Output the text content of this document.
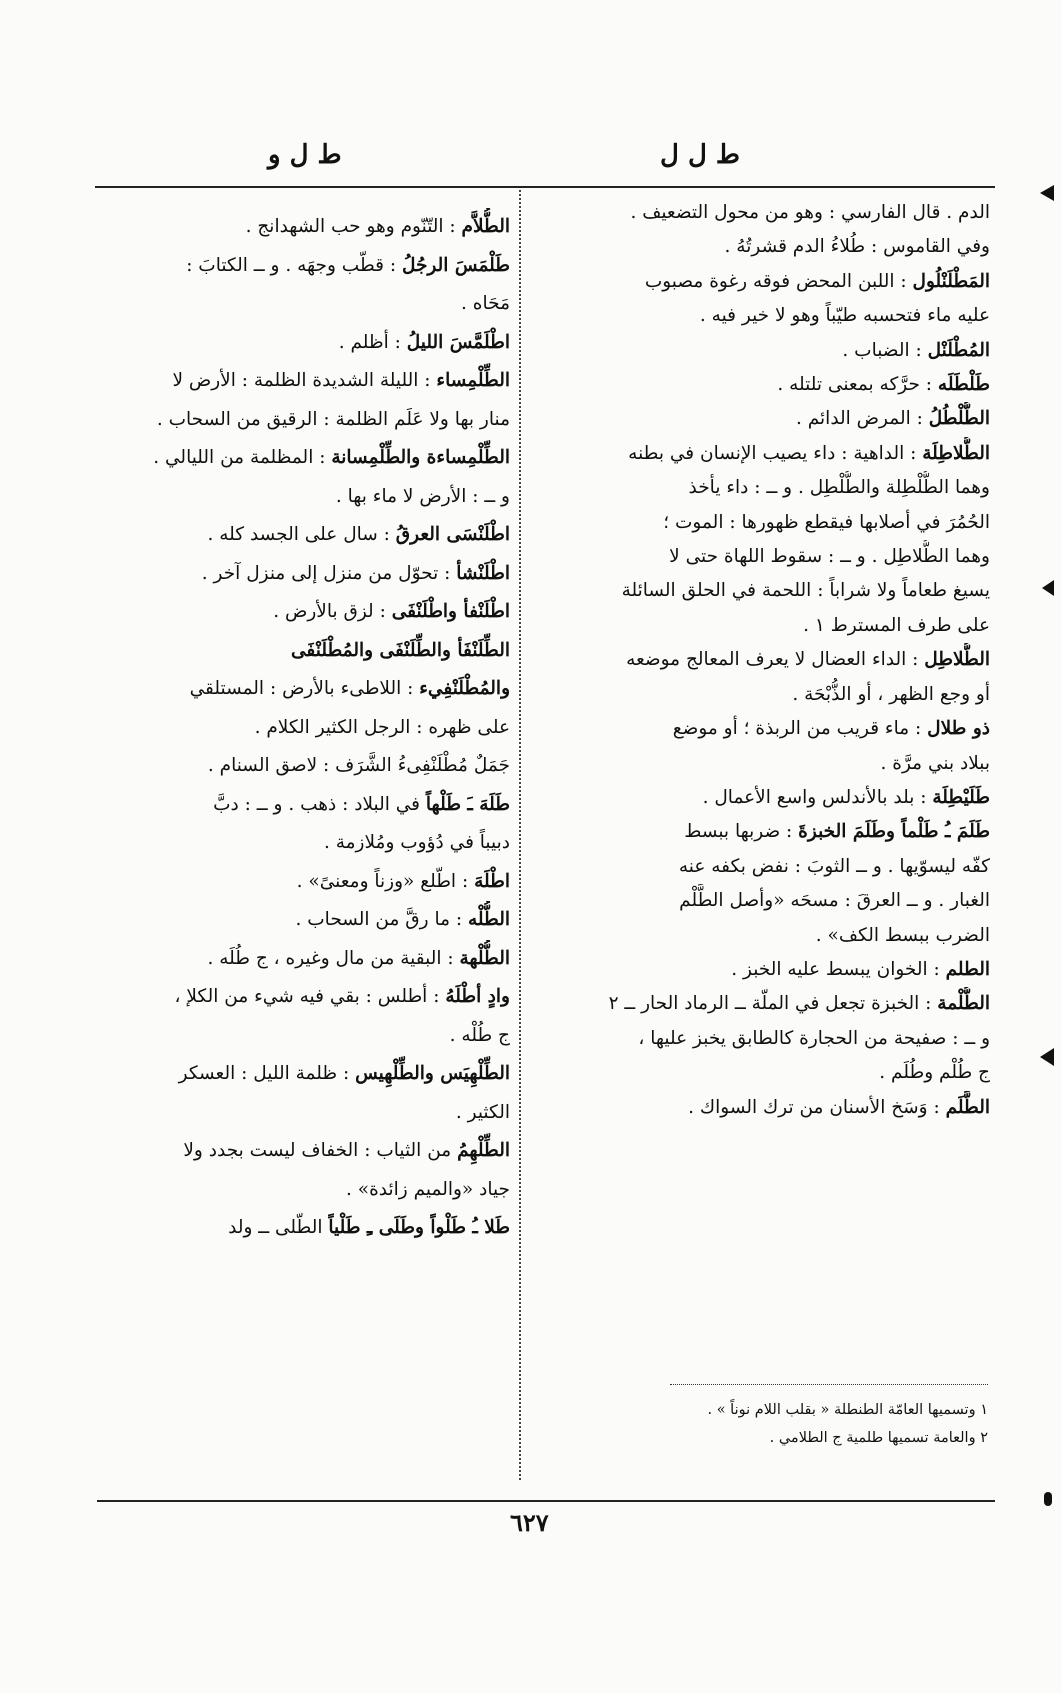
ط ل ل
ط ل و
الدم . قال الفارسي : وهو من محول التضعيف .
وفي القاموس : طُلاءُ الدم قشرتُهُ .
المَطْلَنْلُول : اللبن المحض فوقه رغوة مصبوب
عليه ماء فتحسبه طيّباً وهو لا خير فيه .
المُطْلَنْل : الضباب .
طَلْطَلَه : حرَّكه بمعنى تلتله .
الطُّلْطُلُ : المرض الدائم .
الطُّلاطِلَة : الداهية : داء يصيب الإنسان في بطنه
وهما الطُّلْطِلة والطُّلْطِل . و ــ : داء يأخذ
الحُمُرَ في أصلابها فيقطع ظهورها : الموت ؛
وهما الطُّلاطِل . و ــ : سقوط اللهاة حتى لا
يسيغ طعاماً ولا شراباً : اللحمة في الحلق السائلة
على طرف المسترط ١ .
الطُّلاطِل : الداء العضال لا يعرف المعالج موضعه
أو وجع الظهر ، أو الذُّبْحَة .
ذو طلال : ماء قريب من الربذة ؛ أو موضع
ببلاد بني مرَّة .
طَلَيْطِلَة : بلد بالأندلس واسع الأعمال .
طَلَمَ ـُ طَلْماً وطَلَمَ الخبزةَ : ضربها ببسط
كفّه ليسوّيها . و ــ الثوبَ : نفض بكفه عنه
الغبار . و ــ العرقَ : مسحَه «وأصل الطَّلْم
الضرب ببسط الكف» .
الطلم : الخوان يبسط عليه الخبز .
الطُّلْمة : الخبزة تجعل في الملّة ــ الرماد الحار ــ ٢
و ــ : صفيحة من الحجارة كالطابق يخبز عليها ،
ج طُلْم وطُلَم .
الطَّلَم : وَسَخ الأسنان من ترك السواك .
الطُّلاَّم : التّنّوم وهو حب الشهدانج .
طَلْمَسَ الرجُلُ : قطّب وجهَه . و ــ الكتابَ :
مَحَاه .
اطْلَمَّسَ الليلُ : أظلم .
الطِّلْمِساء : الليلة الشديدة الظلمة : الأرض لا
منار بها ولا عَلَم الظلمة : الرقيق من السحاب .
الطِّلْمِساءة والطِّلْمِسانة : المظلمة من الليالي .
و ــ : الأرض لا ماء بها .
اطْلَنْسَى العرقُ : سال على الجسد كله .
اطْلَنْشأ : تحوّل من منزل إلى منزل آخر .
اطْلَنْفأ واطْلَنْفَى : لزق بالأرض .
الطِّلَنْفَأ والطِّلَنْفَى والمُطْلَنْفَى
والمُطْلَنْفِيء : اللاطىء بالأرض : المستلقي
على ظهره : الرجل الكثير الكلام .
جَمَلٌ مُطْلَنْفِىءُ الشَّرَف : لاصق السنام .
طَلَهَ ـَ طَلْهاً في البلاد : ذهب . و ــ : دبَّ
دبيباً في دُؤوب ومُلازمة .
اطْلَهَ : اطّلع «وزناً ومعنىً» .
الطُّلْه : ما رقَّ من السحاب .
الطُّلْهة : البقية من مال وغيره ، ج طُلَه .
وادٍ أطْلَهُ : أطلس : بقي فيه شيء من الكلإ ،
ج طُلْه .
الطِّلْهِيَس والطِّلْهِيس : ظلمة الليل : العسكر
الكثير .
الطِّلْهِمُ من الثياب : الخفاف ليست بجدد ولا
جياد «والميم زائدة» .
طَلا ـُ طَلْواً وطَلَى ـِ طَلْياً الطّلى ــ ولد
١ وتسميها العامّة الطنطلة « بقلب اللام نوناً » .
٢ والعامة تسميها طلمية ج الطلامي .
٦٢٧
